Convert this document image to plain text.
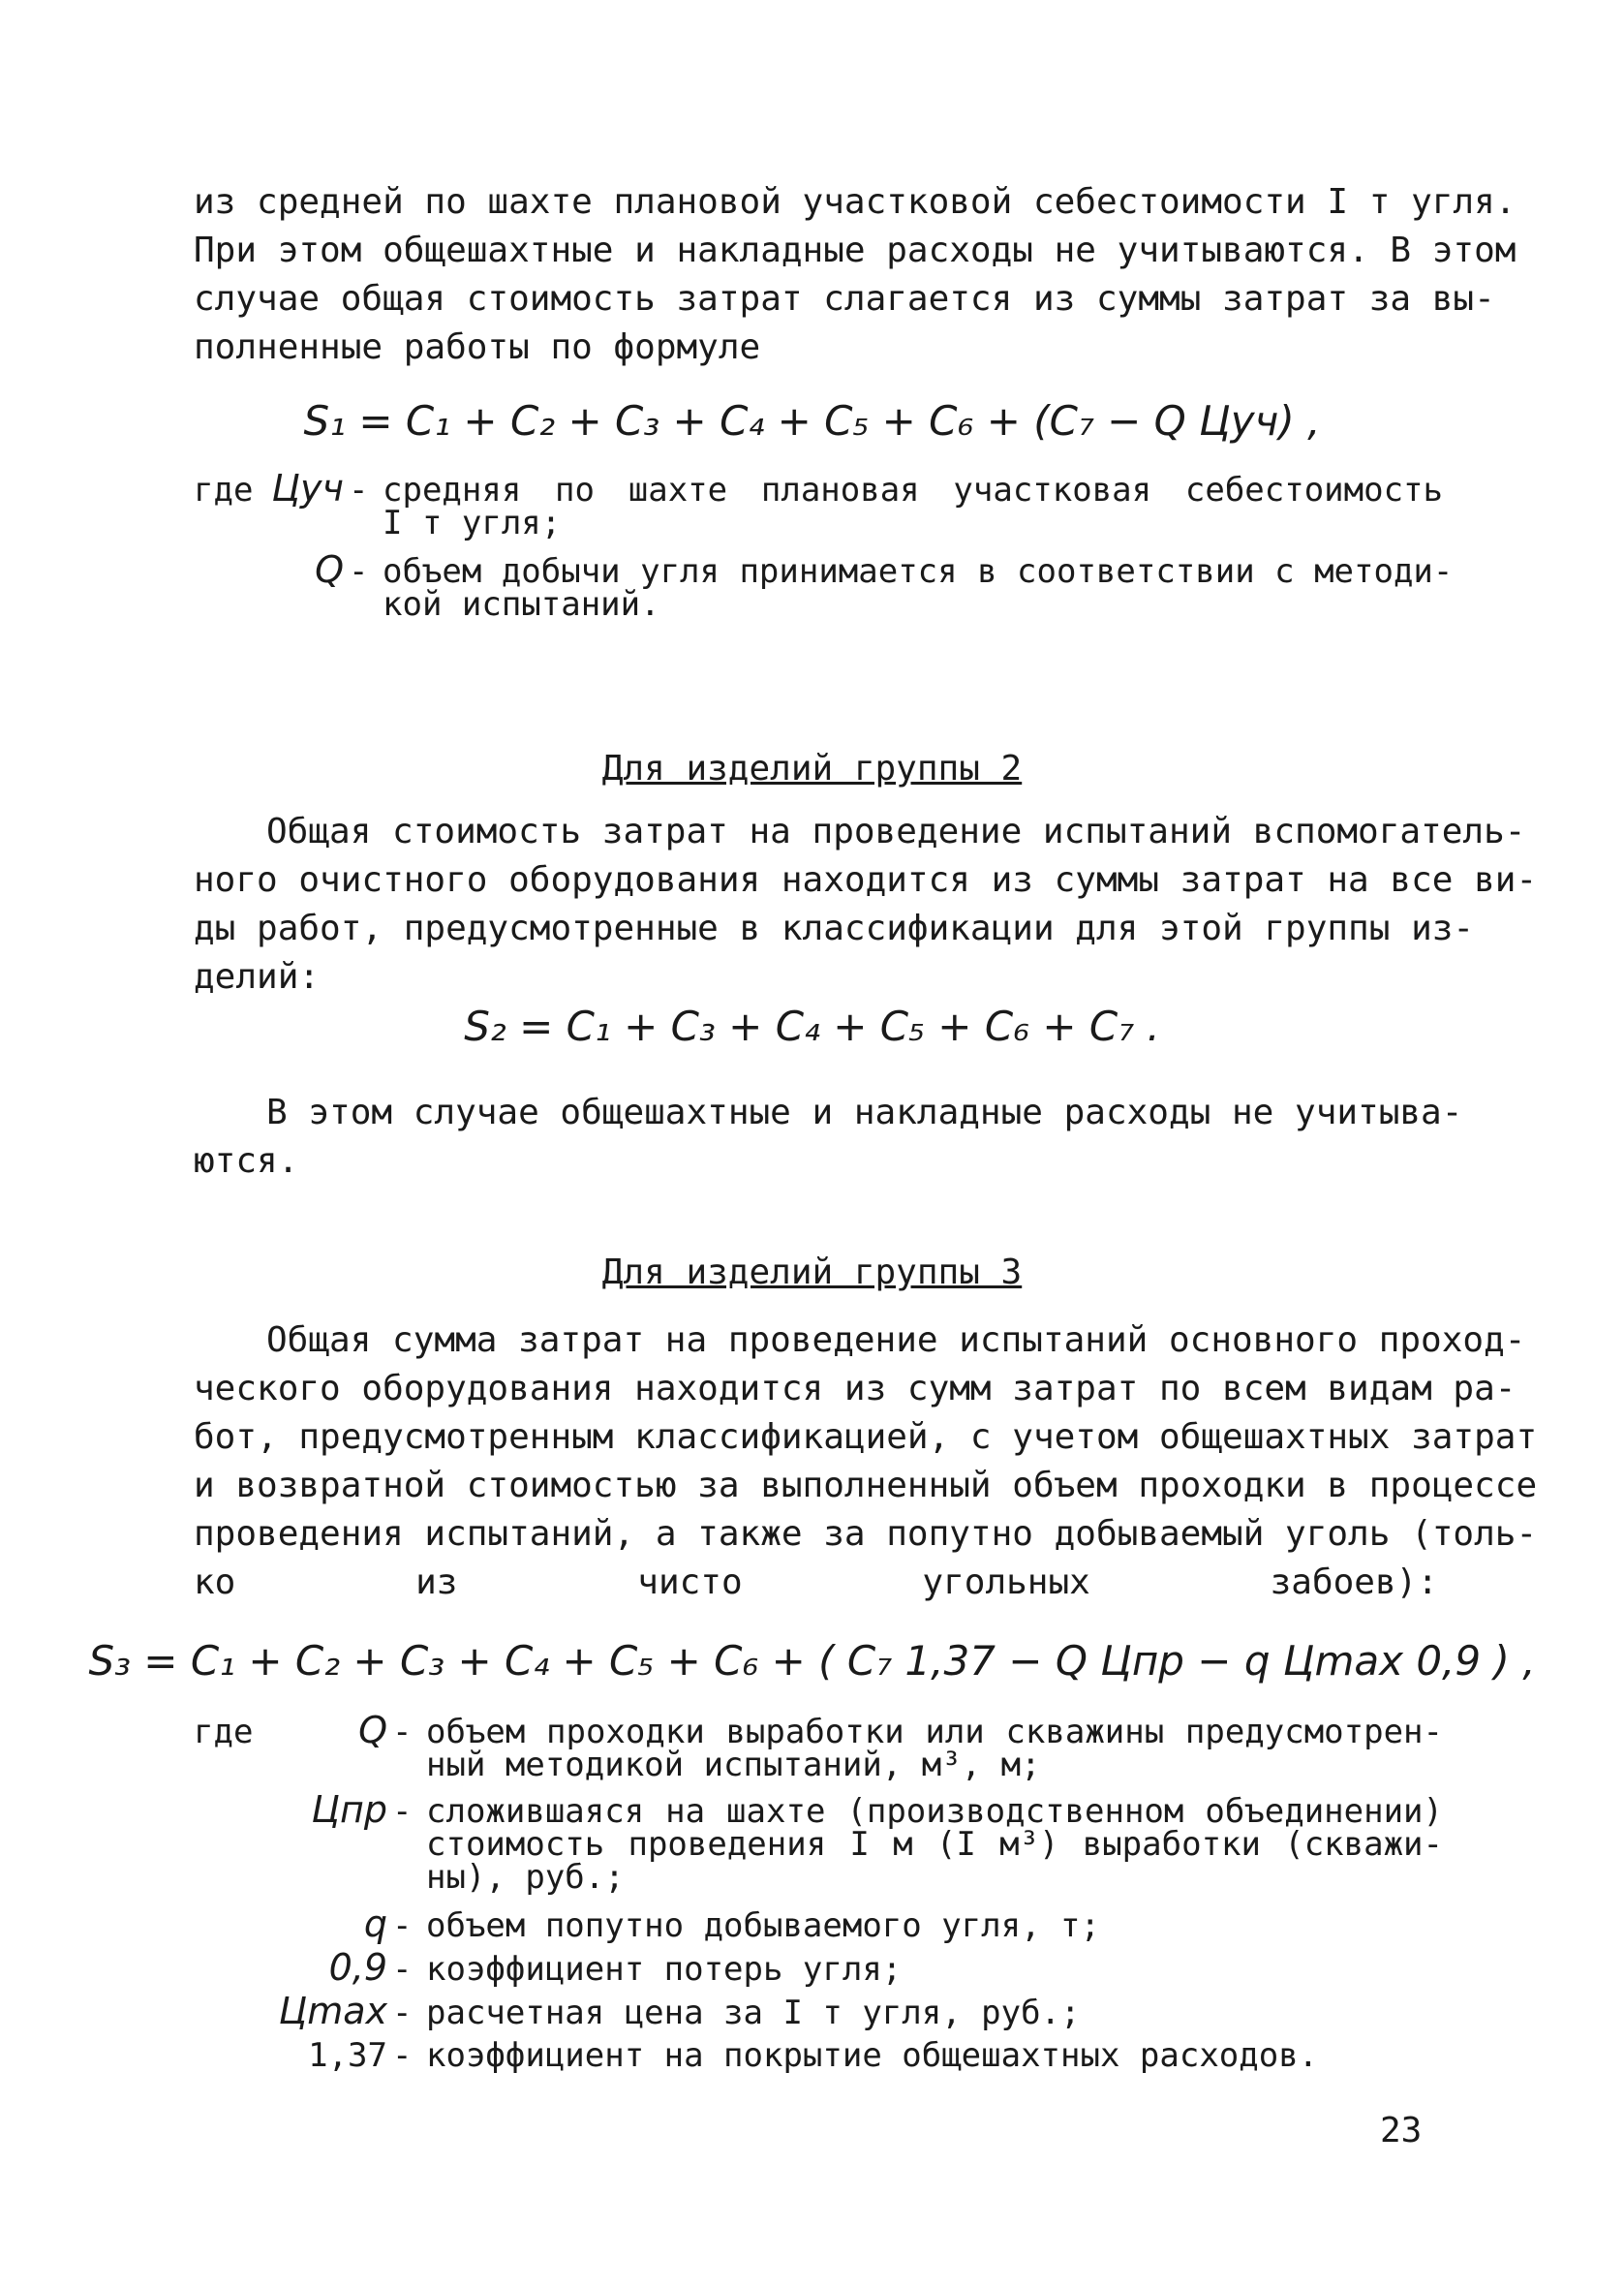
из средней по шахте плановой участковой себестоимости I т угля.
При этом общешахтные и накладные расходы не учитываются. В этом
случае общая стоимость затрат слагается из суммы затрат за вы-
полненные работы по формуле
S₁ = C₁ + C₂ + C₃ + C₄ + C₅ + C₆ + (C₇ − Q Цуч) ,
где Цуч - средняя по шахте плановая участковая себестоимость
I т угля;
Q - объем добычи угля принимается в соответствии с методи-
кой испытаний.
Для изделий группы 2
Общая стоимость затрат на проведение испытаний вспомогатель-
ного очистного оборудования находится из суммы затрат на все ви-
ды работ, предусмотренные в классификации для этой группы из-
делий:
S₂ = C₁ + C₃ + C₄ + C₅ + C₆ + C₇ .
В этом случае общешахтные и накладные расходы не учитыва-
ются.
Для изделий группы 3
Общая сумма затрат на проведение испытаний основного проход-
ческого оборудования находится из сумм затрат по всем видам ра-
бот, предусмотренным классификацией, с учетом общешахтных затрат
и возвратной стоимостью за выполненный объем проходки в процессе
проведения испытаний, а также за попутно добываемый уголь (толь-
ко из чисто угольных забоев):
S₃ = C₁ + C₂ + C₃ + C₄ + C₅ + C₆ + ( C₇ 1,37 − Q Цпр − q Цmax 0,9 ) ,
где	Q - объем проходки выработки или скважины предусмотрен-
ный методикой испытаний, м³, м;
Цпр - сложившаяся на шахте (производственном объединении)
стоимость проведения I м (I м³) выработки (скважи-
ны), руб.;
q - объем попутно добываемого угля, т;
0,9 - коэффициент потерь угля;
Цmax - расчетная цена за I т угля, руб.;
1,37 - коэффициент на покрытие общешахтных расходов.
23
